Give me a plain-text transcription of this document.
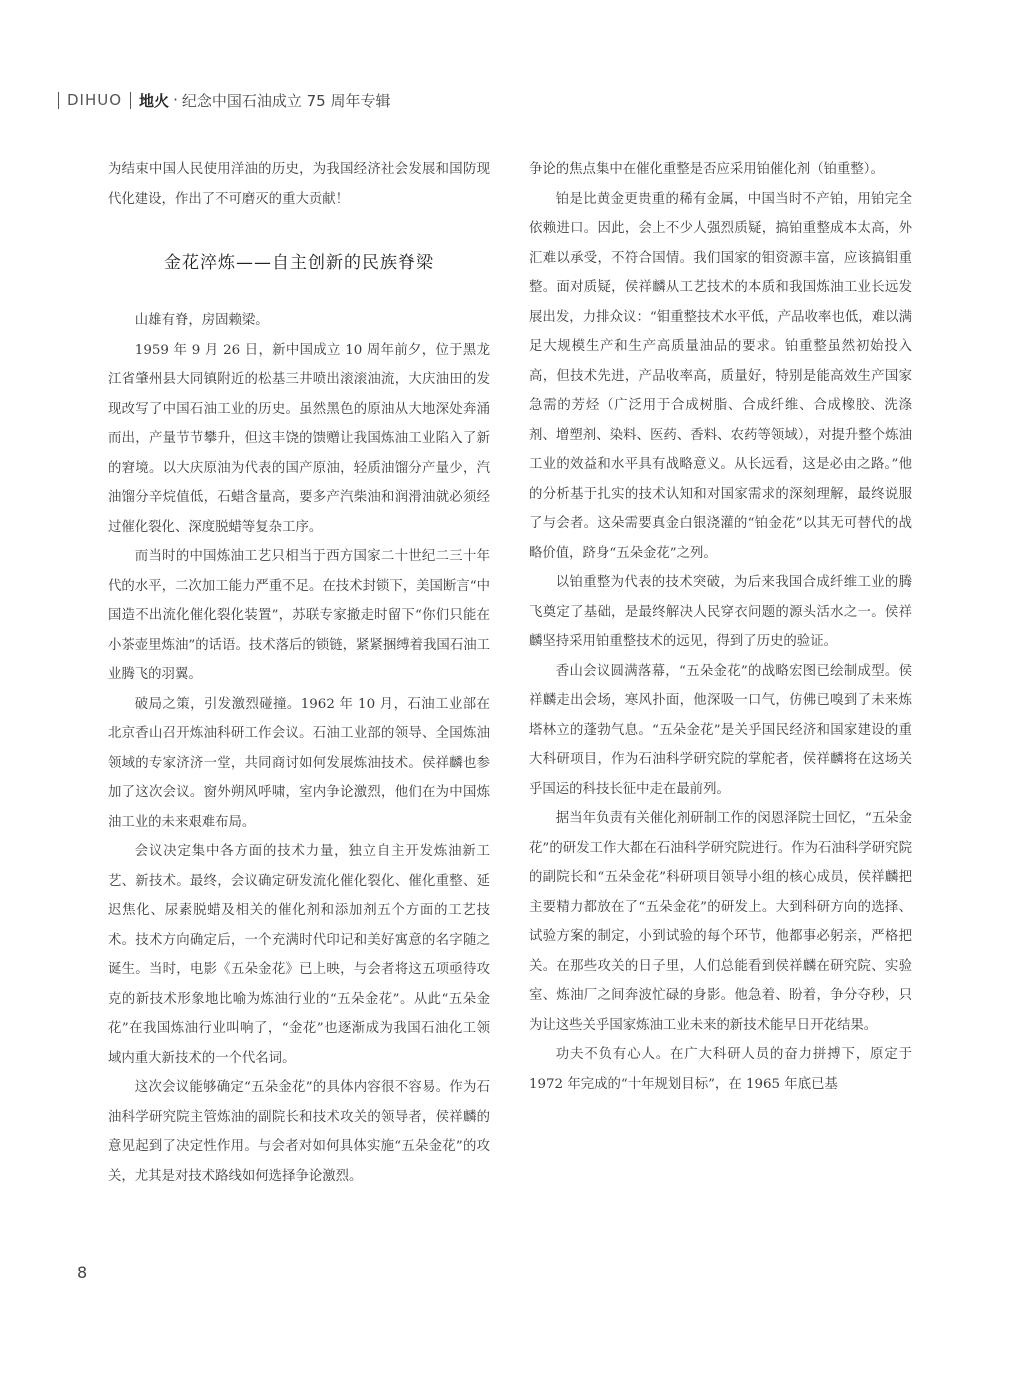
DIHUO 地火 · 纪念中国石油成立 75 周年专辑

为结束中国人民使用洋油的历史，为我国经济社会发展和国防现代化建设，作出了不可磨灭的重大贡献！

金花淬炼——自主创新的民族脊梁

山雄有脊，房固赖梁。

1959 年 9 月 26 日，新中国成立 10 周年前夕，位于黑龙江省肇州县大同镇附近的松基三井喷出滚滚油流，大庆油田的发现改写了中国石油工业的历史。虽然黑色的原油从大地深处奔涌而出，产量节节攀升，但这丰饶的馈赠让我国炼油工业陷入了新的窘境。以大庆原油为代表的国产原油，轻质油馏分产量少，汽油馏分辛烷值低，石蜡含量高，要多产汽柴油和润滑油就必须经过催化裂化、深度脱蜡等复杂工序。

而当时的中国炼油工艺只相当于西方国家二十世纪二三十年代的水平，二次加工能力严重不足。在技术封锁下，美国断言“中国造不出流化催化裂化装置”，苏联专家撤走时留下“你们只能在小茶壶里炼油”的话语。技术落后的锁链，紧紧捆缚着我国石油工业腾飞的羽翼。

破局之策，引发激烈碰撞。1962 年 10 月，石油工业部在北京香山召开炼油科研工作会议。石油工业部的领导、全国炼油领域的专家济济一堂，共同商讨如何发展炼油技术。侯祥麟也参加了这次会议。窗外朔风呼啸，室内争论激烈，他们在为中国炼油工业的未来艰难布局。

会议决定集中各方面的技术力量，独立自主开发炼油新工艺、新技术。最终，会议确定研发流化催化裂化、催化重整、延迟焦化、尿素脱蜡及相关的催化剂和添加剂五个方面的工艺技术。技术方向确定后，一个充满时代印记和美好寓意的名字随之诞生。当时，电影《五朵金花》已上映，与会者将这五项亟待攻克的新技术形象地比喻为炼油行业的“五朵金花”。从此“五朵金花”在我国炼油行业叫响了，“金花”也逐渐成为我国石油化工领域内重大新技术的一个代名词。

这次会议能够确定“五朵金花”的具体内容很不容易。作为石油科学研究院主管炼油的副院长和技术攻关的领导者，侯祥麟的意见起到了决定性作用。与会者对如何具体实施“五朵金花”的攻关，尤其是对技术路线如何选择争论激烈。

争论的焦点集中在催化重整是否应采用铂催化剂（铂重整）。

铂是比黄金更贵重的稀有金属，中国当时不产铂，用铂完全依赖进口。因此，会上不少人强烈质疑，搞铂重整成本太高，外汇难以承受，不符合国情。我们国家的钼资源丰富，应该搞钼重整。面对质疑，侯祥麟从工艺技术的本质和我国炼油工业长远发展出发，力排众议：“钼重整技术水平低，产品收率也低，难以满足大规模生产和生产高质量油品的要求。铂重整虽然初始投入高，但技术先进，产品收率高，质量好，特别是能高效生产国家急需的芳烃（广泛用于合成树脂、合成纤维、合成橡胶、洗涤剂、增塑剂、染料、医药、香料、农药等领域），对提升整个炼油工业的效益和水平具有战略意义。从长远看，这是必由之路。”他的分析基于扎实的技术认知和对国家需求的深刻理解，最终说服了与会者。这朵需要真金白银浇灌的“铂金花”以其无可替代的战略价值，跻身“五朵金花”之列。

以铂重整为代表的技术突破，为后来我国合成纤维工业的腾飞奠定了基础，是最终解决人民穿衣问题的源头活水之一。侯祥麟坚持采用铂重整技术的远见，得到了历史的验证。

香山会议圆满落幕，“五朵金花”的战略宏图已绘制成型。侯祥麟走出会场，寒风扑面，他深吸一口气，仿佛已嗅到了未来炼塔林立的蓬勃气息。“五朵金花”是关乎国民经济和国家建设的重大科研项目，作为石油科学研究院的掌舵者，侯祥麟将在这场关乎国运的科技长征中走在最前列。

据当年负责有关催化剂研制工作的闵恩泽院士回忆，“五朵金花”的研发工作大都在石油科学研究院进行。作为石油科学研究院的副院长和“五朵金花”科研项目领导小组的核心成员，侯祥麟把主要精力都放在了“五朵金花”的研发上。大到科研方向的选择、试验方案的制定，小到试验的每个环节，他都事必躬亲，严格把关。在那些攻关的日子里，人们总能看到侯祥麟在研究院、实验室、炼油厂之间奔波忙碌的身影。他急着、盼着，争分夺秒，只为让这些关乎国家炼油工业未来的新技术能早日开花结果。

功夫不负有心人。在广大科研人员的奋力拼搏下，原定于 1972 年完成的“十年规划目标”，在 1965 年底已基

8
